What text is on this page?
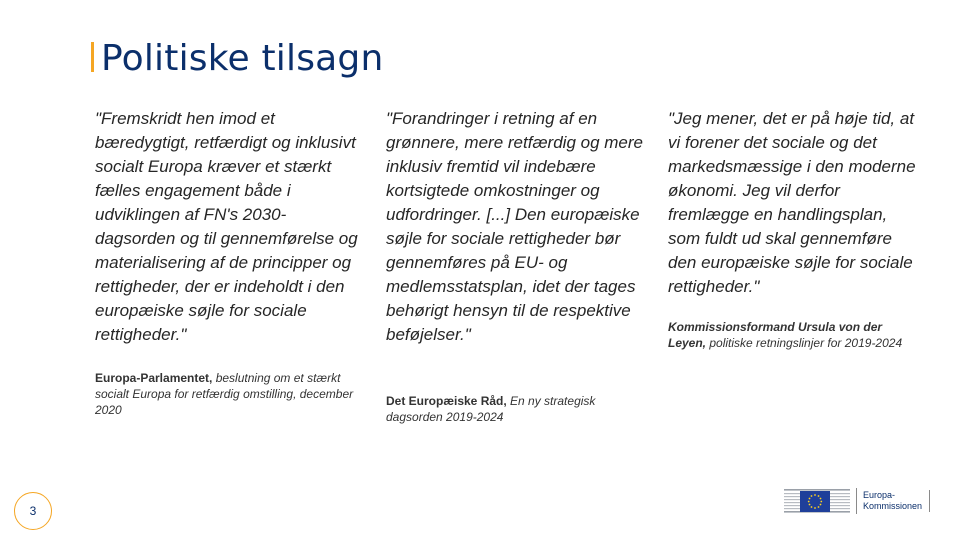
Politiske tilsagn

"Fremskridt hen imod et bæredygtigt, retfærdigt og inklusivt socialt Europa kræver et stærkt fælles engagement både i udviklingen af FN's 2030-dagsorden og til gennemførelse og materialisering af de principper og rettigheder, der er indeholdt i den europæiske søjle for sociale rettigheder."

Europa-Parlamentet, beslutning om et stærkt socialt Europa for retfærdig omstilling, december 2020

"Forandringer i retning af en grønnere, mere retfærdig og mere inklusiv fremtid vil indebære kortsigtede omkostninger og udfordringer. [...] Den europæiske søjle for sociale rettigheder bør gennemføres på EU- og medlemsstatsplan, idet der tages behørigt hensyn til de respektive beføjelser."

Det Europæiske Råd, En ny strategisk dagsorden 2019-2024

"Jeg mener, det er på høje tid, at vi forener det sociale og det markedsmæssige i den moderne økonomi. Jeg vil derfor fremlægge en handlingsplan, som fuldt ud skal gennemføre den europæiske søjle for sociale rettigheder."

Kommissionsformand Ursula von der Leyen, politiske retningslinjer for 2019-2024

3
Europa-
Kommissionen
